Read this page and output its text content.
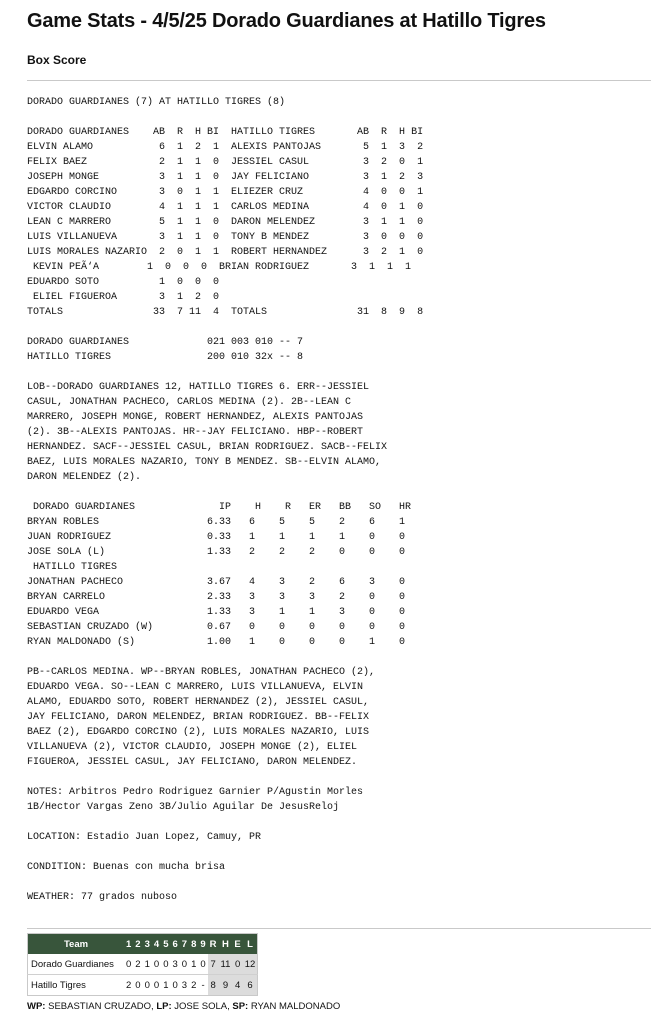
Game Stats - 4/5/25 Dorado Guardianes at Hatillo Tigres
Box Score
DORADO GUARDIANES (7) AT HATILLO TIGRES (8)

DORADO GUARDIANES    AB  R  H BI  HATILLO TIGRES       AB  R  H BI
ELVIN ALAMO           6  1  2  1  ALEXIS PANTOJAS       5  1  3  2
FELIX BAEZ            2  1  1  0  JESSIEL CASUL         3  2  0  1
JOSEPH MONGE          3  1  1  0  JAY FELICIANO         3  1  2  3
EDGARDO CORCINO       3  0  1  1  ELIEZER CRUZ          4  0  0  1
VICTOR CLAUDIO        4  1  1  1  CARLOS MEDINA         4  0  1  0
LEAN C MARRERO        5  1  1  0  DARON MELENDEZ        3  1  1  0
LUIS VILLANUEVA       3  1  1  0  TONY B MENDEZ         3  0  0  0
LUIS MORALES NAZARIO  2  0  1  1  ROBERT HERNANDEZ      3  2  1  0
KEVIN PEÃ‘A        1  0  0  0  BRIAN RODRIGUEZ       3  1  1  1
EDUARDO SOTO          1  0  0  0
ELIEL FIGUEROA       3  1  2  0
TOTALS               33  7 11  4  TOTALS               31  8  9  8

DORADO GUARDIANES             021 003 010 -- 7
HATILLO TIGRES                200 010 32x -- 8

LOB--DORADO GUARDIANES 12, HATILLO TIGRES 6. ERR--JESSIEL
CASUL, JONATHAN PACHECO, CARLOS MEDINA (2). 2B--LEAN C
MARRERO, JOSEPH MONGE, ROBERT HERNANDEZ, ALEXIS PANTOJAS
(2). 3B--ALEXIS PANTOJAS. HR--JAY FELICIANO. HBP--ROBERT
HERNANDEZ. SACF--JESSIEL CASUL, BRIAN RODRIGUEZ. SACB--FELIX
BAEZ, LUIS MORALES NAZARIO, TONY B MENDEZ. SB--ELVIN ALAMO,
DARON MELENDEZ (2).

DORADO GUARDIANES              IP    H    R   ER   BB   SO   HR
BRYAN ROBLES                  6.33   6    5    5    2    6    1
JUAN RODRIGUEZ                0.33   1    1    1    1    0    0
JOSE SOLA (L)                 1.33   2    2    2    0    0    0
HATILLO TIGRES
JONATHAN PACHECO              3.67   4    3    2    6    3    0
BRYAN CARRELO                 2.33   3    3    3    2    0    0
EDUARDO VEGA                  1.33   3    1    1    3    0    0
SEBASTIAN CRUZADO (W)         0.67   0    0    0    0    0    0
RYAN MALDONADO (S)            1.00   1    0    0    0    1    0

PB--CARLOS MEDINA. WP--BRYAN ROBLES, JONATHAN PACHECO (2),
EDUARDO VEGA. SO--LEAN C MARRERO, LUIS VILLANUEVA, ELVIN
ALAMO, EDUARDO SOTO, ROBERT HERNANDEZ (2), JESSIEL CASUL,
JAY FELICIANO, DARON MELENDEZ, BRIAN RODRIGUEZ. BB--FELIX
BAEZ (2), EDGARDO CORCINO (2), LUIS MORALES NAZARIO, LUIS
VILLANUEVA (2), VICTOR CLAUDIO, JOSEPH MONGE (2), ELIEL
FIGUEROA, JESSIEL CASUL, JAY FELICIANO, DARON MELENDEZ.

NOTES: Arbitros Pedro Rodriguez Garnier P/Agustin Morles
1B/Hector Vargas Zeno 3B/Julio Aguilar De JesusReloj

LOCATION: Estadio Juan Lopez, Camuy, PR

CONDITION: Buenas con mucha brisa

WEATHER: 77 grados nuboso
Team	1	2	3	4	5	6	7	8	9	R	H	E	L
Dorado Guardianes	0	2	1	0	0	3	0	1	0	7	11	0	12
Hatillo Tigres	2	0	0	0	1	0	3	2	-	8	9	4	6
WP: SEBASTIAN CRUZADO, LP: JOSE SOLA, SP: RYAN MALDONADO
